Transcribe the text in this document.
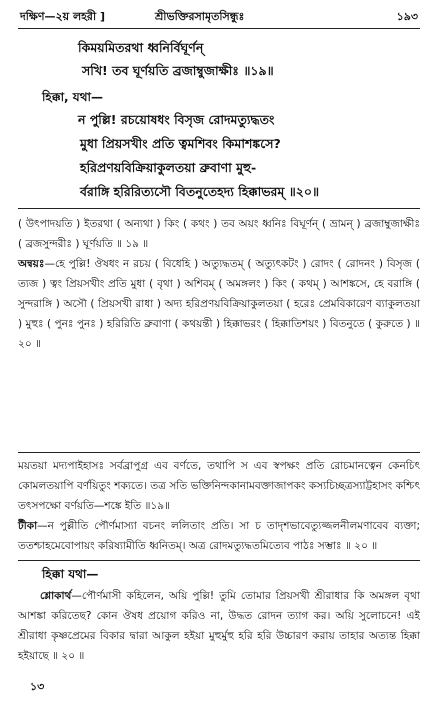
দক্ষিণ—২য় লহরী ]	শ্রীভক্তিরসামৃতসিন্ধুঃ	১৯৩
কিময়মিতরথা ধ্বনির্বিঘূর্ণন্
সখি! তব ঘূর্ণয়তি ব্রজাম্বুজাক্ষীঃ ॥১৯॥
হিক্কা, যথা—
ন পুল্লি! রচয়োষধং বিসৃজ রোদমত্যুদ্ধতং
মুধা প্রিয়সখীং প্রতি ত্বমশিবং কিমাশঙ্কসে?
হরিপ্রণয়বিক্রিয়াকুলতয়া ব্রুবাণা মুহু-
র্বরাঙ্গি হরিরিত্যসৌ বিতনুতেহদ্য হিক্কাভরম্ ॥২০॥

( উৎপাদয়তি ) ইতরথা ( অন্যথা ) কিং ( কথং ) তব অয়ং ধ্বনিঃ বিঘূর্ণন্ ( ভ্রামন্ ) ব্রজাম্বুজাক্ষীঃ ( ব্রজসুন্দরীঃ ) ঘূর্ণয়তি ॥ ১৯ ॥

অন্বয়ঃ—হে পুল্লি! ঔষধং ন রচয় ( বিধেহি ) অত্যুদ্ধতম্ ( অত্যুৎকটং ) রোদং ( রোদনং ) বিসৃজ ( ত্যজ ) ত্বং প্রিয়সখীং প্রতি মুধা ( বৃথা ) অশিবম্ ( অমঙ্গলং ) কিং ( কথম্ ) আশঙ্কসে, হে বরাঙ্গি ( সুন্দরাঙ্গি ) অসৌ ( প্রিয়সখী রাধা ) অদ্য হরিপ্রণয়বিক্রিয়াকুলতয়া ( হরেঃ প্রেমবিকারেণ ব্যাকুলতয়া ) মুহুঃ ( পুনঃ পুনঃ ) হরিরিতি ব্রুবাণা ( কথয়ন্তী ) হিক্কাভরং ( হিক্কাতিশয়ং ) বিতনুতে ( কুরুতে ) ॥ ২০ ॥

ময়তয়া মদ্যপাইহাসঃ সর্বব্রাপুগ্র এব বর্ণতে, তথাপি স এব স্বপক্ষং প্রতি রোচমানত্বেন কেনচিৎ কোমলতয়াপি বর্ণয়িতুং শক্যতে। তত্র সতি ভক্তিনিন্দকানামবক্তাজাপকং কস্যচিচ্ছত্রস্যাট্টহাসং কশ্চিৎ তৎসপক্ষো বর্ণয়তি—শঙ্কে ইতি ॥১৯॥

টীকা—ন পুল্লীতি পৌর্ণমাস্যা বচনং ললিতাং প্রতি। সা চ তাদৃশভাবেত্যুজ্জলনীলমণাবেব ব্যক্তা; ততশ্চাহমেবোপায়ং করিষ্যামীতি ধ্বনিতম্। অত্র রোদমত্যুদ্ধতমিত্যেব পাঠঃ সম্ভাঃ ॥ ২০ ॥

হিক্কা যথা—

শ্লোকার্থ—পৌর্ণমাসী কহিলেন, অয়ি পুল্লি! তুমি তোমার প্রিয়সখী শ্রীরাধার কি অমঙ্গল বৃথা আশঙ্কা করিতেছ? কোন ঔষধ প্রয়োগ করিও না, উদ্ধত রোদন ত্যাগ কর। অয়ি সুলোচনে! এই শ্রীরাধা কৃষ্ণপ্রেমের বিকার দ্বারা আকুল হইয়া মুহুর্মুহু হরি হরি উচ্চারণ করায় তাহার অত্যন্ত হিক্কা হইয়াছে ॥ ২০ ॥

১৩
